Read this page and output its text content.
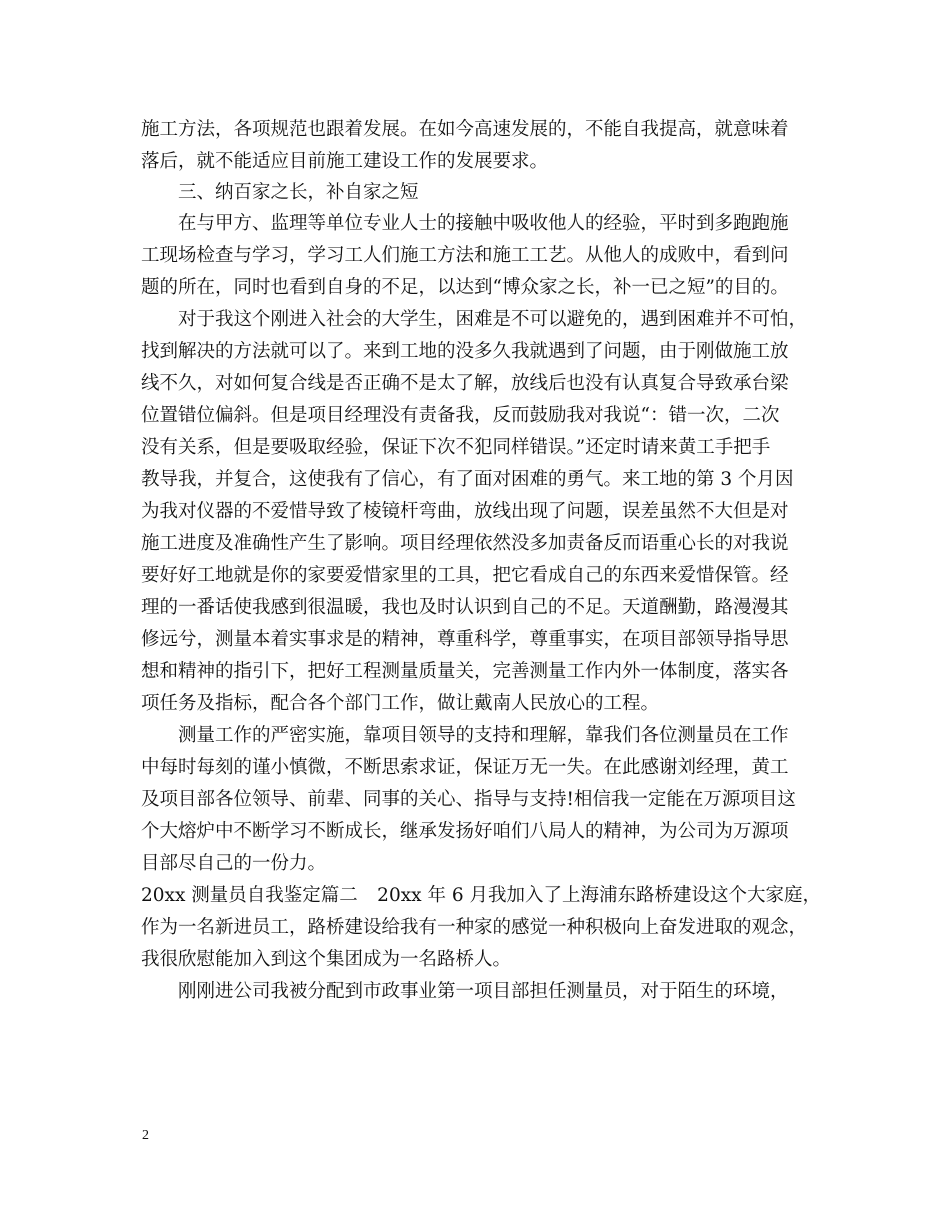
施工方法，各项规范也跟着发展。在如今高速发展的，不能自我提高，就意味着
落后，就不能适应目前施工建设工作的发展要求。
三、纳百家之长，补自家之短
在与甲方、监理等单位专业人士的接触中吸收他人的经验，平时到多跑跑施
工现场检查与学习，学习工人们施工方法和施工工艺。从他人的成败中，看到问
题的所在，同时也看到自身的不足，以达到“博众家之长，补一已之短”的目的。
对于我这个刚进入社会的大学生，困难是不可以避免的，遇到困难并不可怕，
找到解决的方法就可以了。来到工地的没多久我就遇到了问题，由于刚做施工放
线不久，对如何复合线是否正确不是太了解，放线后也没有认真复合导致承台梁
位置错位偏斜。但是项目经理没有责备我，反而鼓励我对我说“：错一次，二次
没有关系，但是要吸取经验，保证下次不犯同样错误。”还定时请来黄工手把手
教导我，并复合，这使我有了信心，有了面对困难的勇气。来工地的第 3 个月因
为我对仪器的不爱惜导致了棱镜杆弯曲，放线出现了问题，误差虽然不大但是对
施工进度及准确性产生了影响。项目经理依然没多加责备反而语重心长的对我说
要好好工地就是你的家要爱惜家里的工具，把它看成自己的东西来爱惜保管。经
理的一番话使我感到很温暖，我也及时认识到自己的不足。天道酬勤，路漫漫其
修远兮，测量本着实事求是的精神，尊重科学，尊重事实，在项目部领导指导思
想和精神的指引下，把好工程测量质量关，完善测量工作内外一体制度，落实各
项任务及指标，配合各个部门工作，做让戴南人民放心的工程。
测量工作的严密实施，靠项目领导的支持和理解，靠我们各位测量员在工作
中每时每刻的谨小慎微，不断思索求证，保证万无一失。在此感谢刘经理，黄工
及项目部各位领导、前辈、同事的关心、指导与支持!相信我一定能在万源项目这
个大熔炉中不断学习不断成长，继承发扬好咱们八局人的精神，为公司为万源项
目部尽自己的一份力。
20xx 测量员自我鉴定篇二 20xx 年 6 月我加入了上海浦东路桥建设这个大家庭，
作为一名新进员工，路桥建设给我有一种家的感觉一种积极向上奋发进取的观念，
我很欣慰能加入到这个集团成为一名路桥人。
刚刚进公司我被分配到市政事业第一项目部担任测量员，对于陌生的环境，
2
